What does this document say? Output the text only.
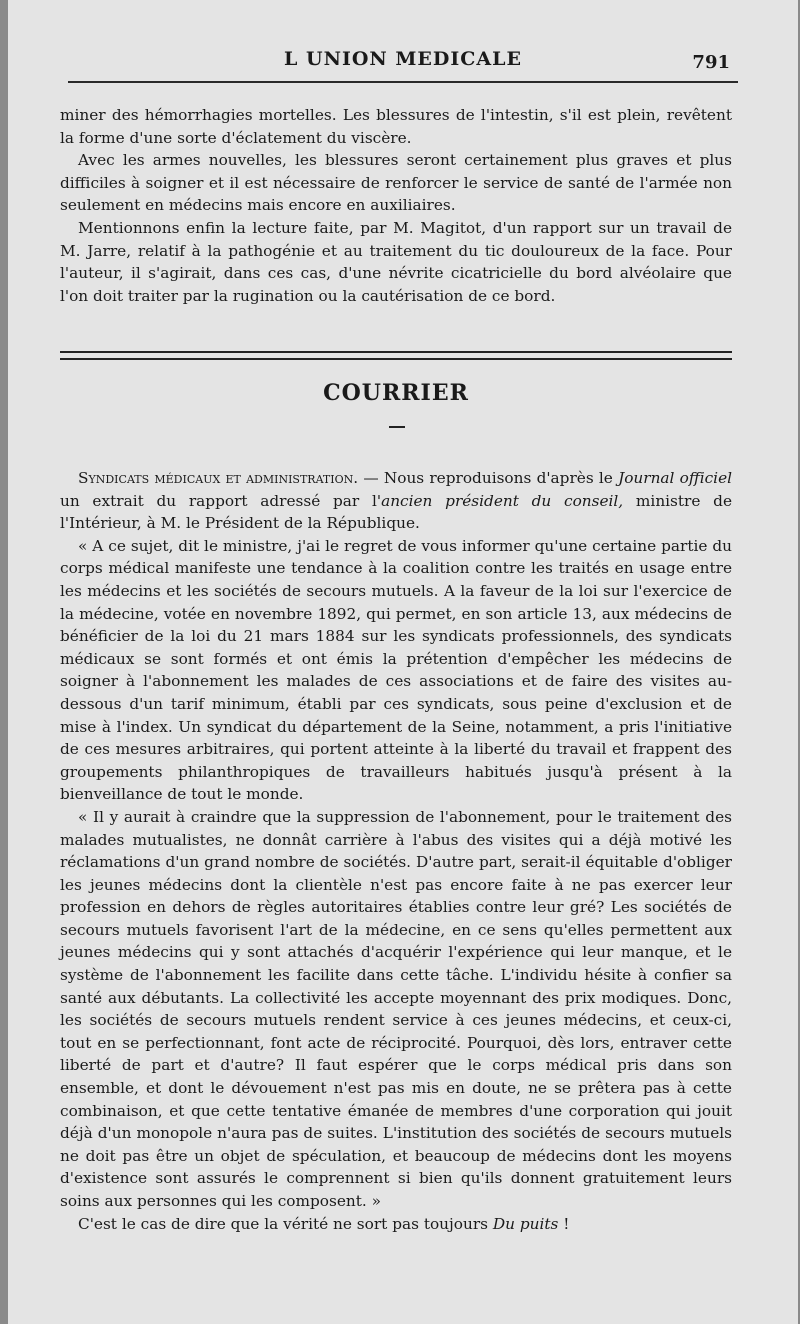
L UNION MEDICALE	791

miner des hémorrhagies mortelles. Les blessures de l'intestin, s'il est plein, revêtent la forme d'une sorte d'éclatement du viscère.

Avec les armes nouvelles, les blessures seront certainement plus graves et plus difficiles à soigner et il est nécessaire de renforcer le service de santé de l'armée non seulement en médecins mais encore en auxiliaires.

Mentionnons enfin la lecture faite, par M. Magitot, d'un rapport sur un travail de M. Jarre, relatif à la pathogénie et au traitement du tic douloureux de la face. Pour l'auteur, il s'agirait, dans ces cas, d'une névrite cicatricielle du bord alvéolaire que l'on doit traiter par la rugination ou la cautérisation de ce bord.

COURRIER

Syndicats médicaux et administration. — Nous reproduisons d'après le Journal officiel un extrait du rapport adressé par l'ancien président du conseil, ministre de l'Intérieur, à M. le Président de la République.

« A ce sujet, dit le ministre, j'ai le regret de vous informer qu'une certaine partie du corps médical manifeste une tendance à la coalition contre les traités en usage entre les médecins et les sociétés de secours mutuels. A la faveur de la loi sur l'exercice de la médecine, votée en novembre 1892, qui permet, en son article 13, aux médecins de bénéficier de la loi du 21 mars 1884 sur les syndicats professionnels, des syndicats médicaux se sont formés et ont émis la prétention d'empêcher les médecins de soigner à l'abonnement les malades de ces associations et de faire des visites au-dessous d'un tarif minimum, établi par ces syndicats, sous peine d'exclusion et de mise à l'index. Un syndicat du département de la Seine, notamment, a pris l'initiative de ces mesures arbitraires, qui portent atteinte à la liberté du travail et frappent des groupements philanthropiques de travailleurs habitués jusqu'à présent à la bienveillance de tout le monde.

« Il y aurait à craindre que la suppression de l'abonnement, pour le traitement des malades mutualistes, ne donnât carrière à l'abus des visites qui a déjà motivé les réclamations d'un grand nombre de sociétés. D'autre part, serait-il équitable d'obliger les jeunes médecins dont la clientèle n'est pas encore faite à ne pas exercer leur profession en dehors de règles autoritaires établies contre leur gré? Les sociétés de secours mutuels favorisent l'art de la médecine, en ce sens qu'elles permettent aux jeunes médecins qui y sont attachés d'acquérir l'expérience qui leur manque, et le système de l'abonnement les facilite dans cette tâche. L'individu hésite à confier sa santé aux débutants. La collectivité les accepte moyennant des prix modiques. Donc, les sociétés de secours mutuels rendent service à ces jeunes médecins, et ceux-ci, tout en se perfectionnant, font acte de réciprocité. Pourquoi, dès lors, entraver cette liberté de part et d'autre? Il faut espérer que le corps médical pris dans son ensemble, et dont le dévouement n'est pas mis en doute, ne se prêtera pas à cette combinaison, et que cette tentative émanée de membres d'une corporation qui jouit déjà d'un monopole n'aura pas de suites. L'institution des sociétés de secours mutuels ne doit pas être un objet de spéculation, et beaucoup de médecins dont les moyens d'existence sont assurés le comprennent si bien qu'ils donnent gratuitement leurs soins aux personnes qui les composent. »

C'est le cas de dire que la vérité ne sort pas toujours Du puits !
